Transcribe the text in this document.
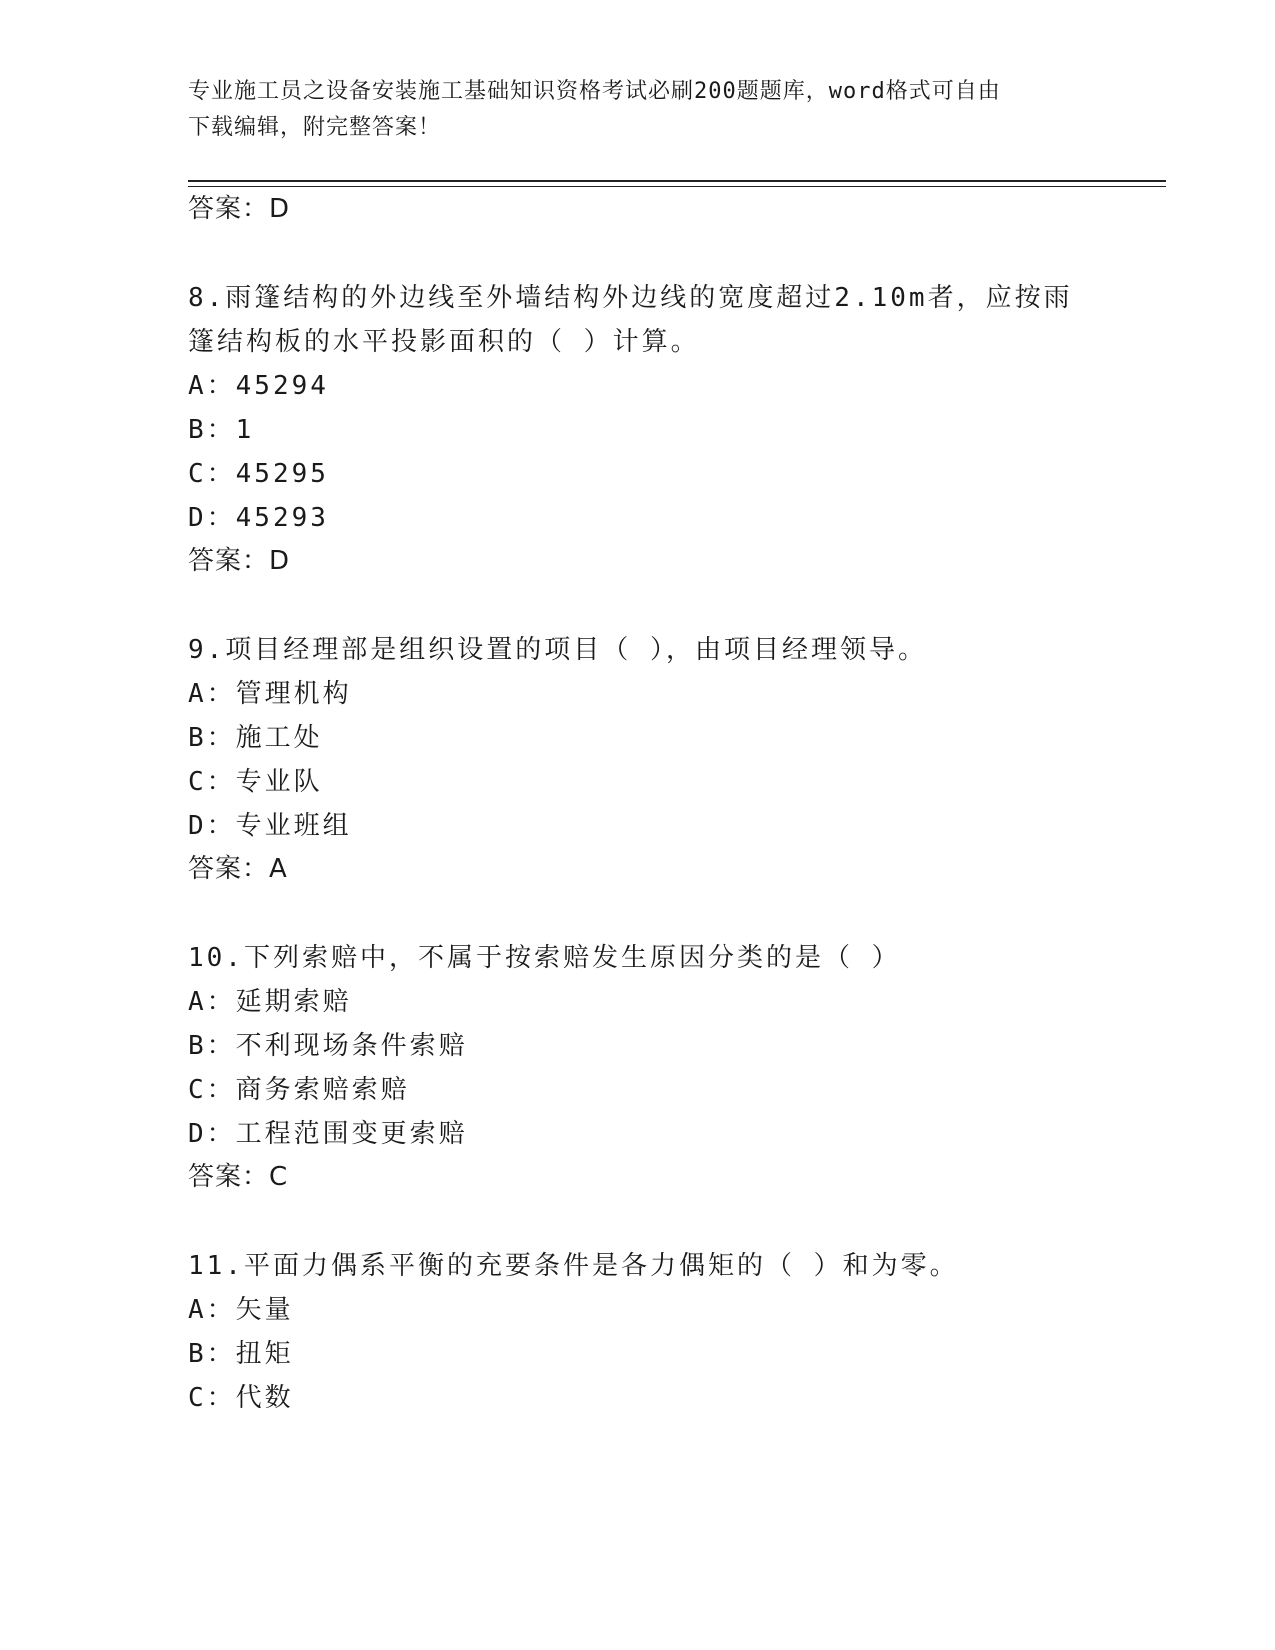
专业施工员之设备安装施工基础知识资格考试必刷200题题库，word格式可自由
下载编辑，附完整答案！
答案：D
8.雨篷结构的外边线至外墙结构外边线的宽度超过2.10m者，应按雨
篷结构板的水平投影面积的（ ）计算。
A：45294
B：1
C：45295
D：45293
答案：D
9.项目经理部是组织设置的项目（ ），由项目经理领导。
A：管理机构
B：施工处
C：专业队
D：专业班组
答案：A
10.下列索赔中，不属于按索赔发生原因分类的是（ ）
A：延期索赔
B：不利现场条件索赔
C：商务索赔索赔
D：工程范围变更索赔
答案：C
11.平面力偶系平衡的充要条件是各力偶矩的（ ）和为零。
A：矢量
B：扭矩
C：代数
